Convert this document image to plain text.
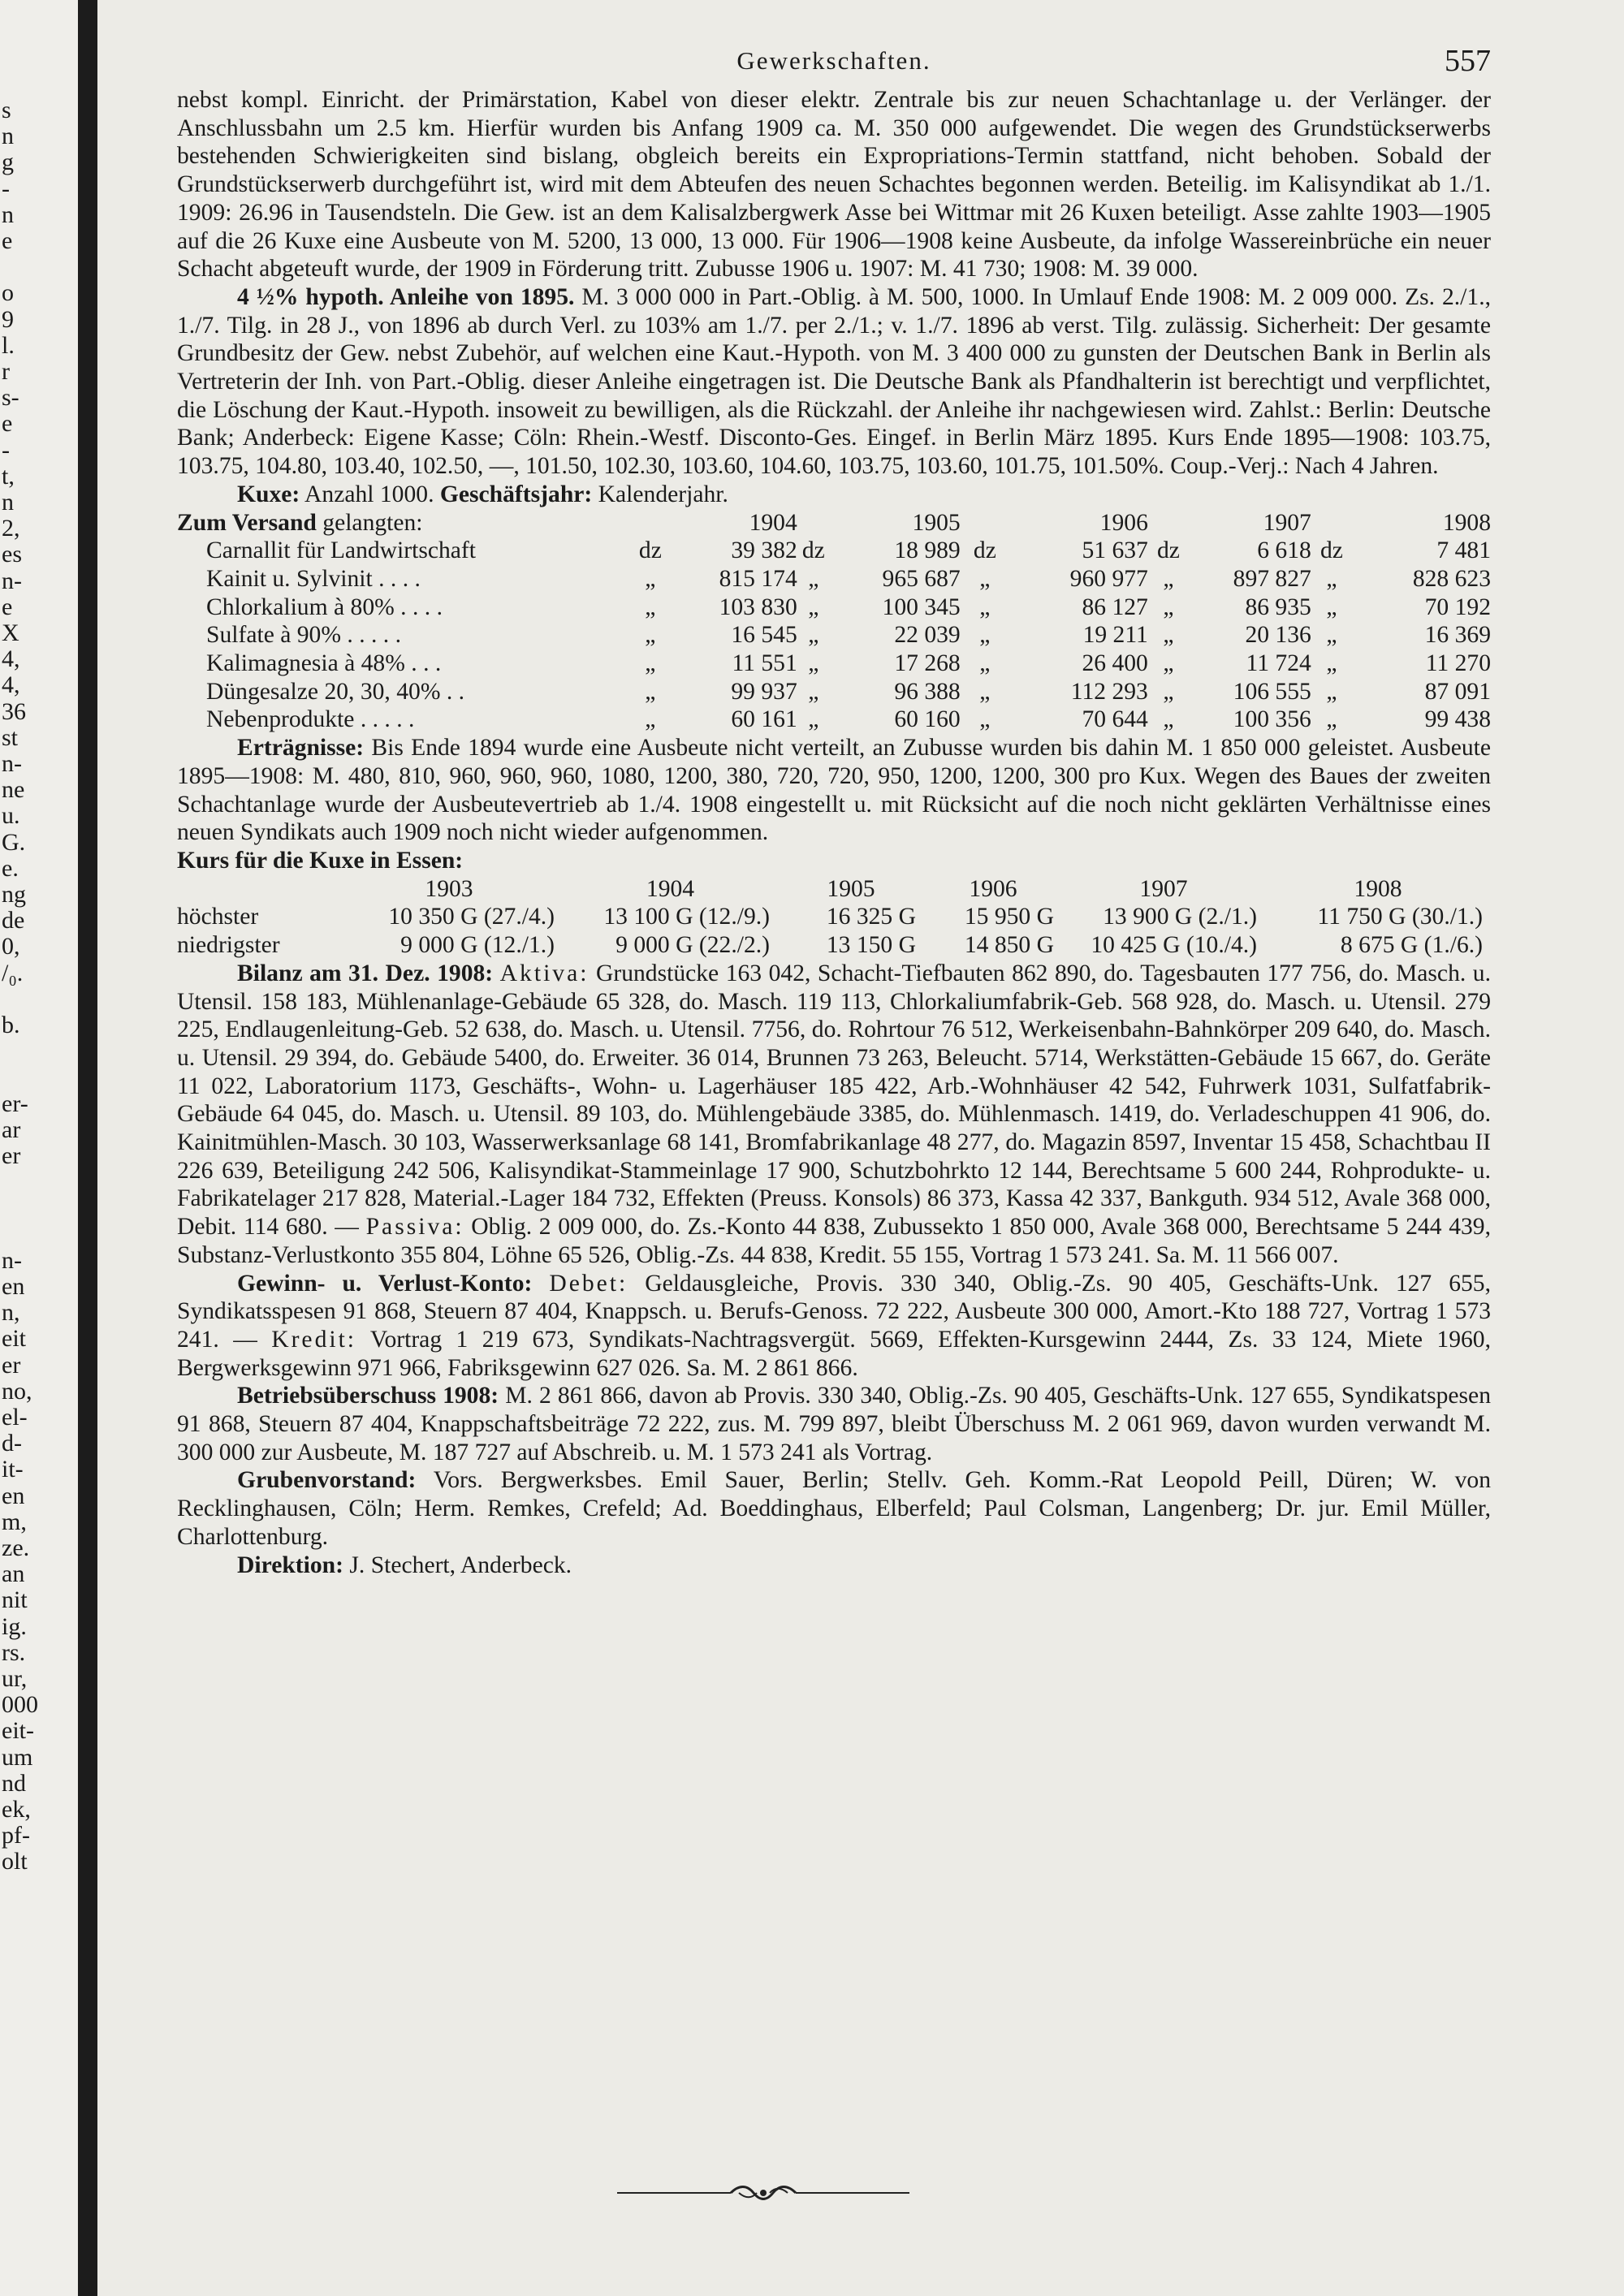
s
n
g
-
n
e
o
9
l.
r
s-
e
-
t,
n
2,
es
n-
e
X
4,
4,
36
st
n-
ne
u.
G.
e.
ng
de
0,
/₀.
b.
er-
ar
er
n-
en
n,
eit
er
no,
el-
d-
it-
en
m,
ze.
an
nit
ig.
rs.
ur,
000
eit-
um
nd
ek,
pf-
olt
Gewerkschaften.	557
nebst kompl. Einricht. der Primärstation, Kabel von dieser elektr. Zentrale bis zur neuen Schachtanlage u. der Verlänger. der Anschlussbahn um 2.5 km. Hierfür wurden bis Anfang 1909 ca. M. 350 000 aufgewendet. Die wegen des Grundstückserwerbs bestehenden Schwierigkeiten sind bislang, obgleich bereits ein Expropriations-Termin stattfand, nicht behoben. Sobald der Grundstückserwerb durchgeführt ist, wird mit dem Abteufen des neuen Schachtes begonnen werden. Beteilig. im Kalisyndikat ab 1./1. 1909: 26.96 in Tausendsteln. Die Gew. ist an dem Kalisalzbergwerk Asse bei Wittmar mit 26 Kuxen beteiligt. Asse zahlte 1903—1905 auf die 26 Kuxe eine Ausbeute von M. 5200, 13 000, 13 000. Für 1906—1908 keine Ausbeute, da infolge Wassereinbrüche ein neuer Schacht abgeteuft wurde, der 1909 in Förderung tritt. Zubusse 1906 u. 1907: M. 41 730; 1908: M. 39 000.
4 ½% hypoth. Anleihe von 1895. M. 3 000 000 in Part.-Oblig. à M. 500, 1000. In Umlauf Ende 1908: M. 2 009 000. Zs. 2./1., 1./7. Tilg. in 28 J., von 1896 ab durch Verl. zu 103% am 1./7. per 2./1.; v. 1./7. 1896 ab verst. Tilg. zulässig. Sicherheit: Der gesamte Grundbesitz der Gew. nebst Zubehör, auf welchen eine Kaut.-Hypoth. von M. 3 400 000 zu gunsten der Deutschen Bank in Berlin als Vertreterin der Inh. von Part.-Oblig. dieser Anleihe eingetragen ist. Die Deutsche Bank als Pfandhalterin ist berechtigt und verpflichtet, die Löschung der Kaut.-Hypoth. insoweit zu bewilligen, als die Rückzahl. der Anleihe ihr nachgewiesen wird. Zahlst.: Berlin: Deutsche Bank; Anderbeck: Eigene Kasse; Cöln: Rhein.-Westf. Disconto-Ges. Eingef. in Berlin März 1895. Kurs Ende 1895—1908: 103.75, 103.75, 104.80, 103.40, 102.50, —, 101.50, 102.30, 103.60, 104.60, 103.75, 103.60, 101.75, 101.50%. Coup.-Verj.: Nach 4 Jahren.
Kuxe: Anzahl 1000. Geschäftsjahr: Kalenderjahr.
Zum Versand gelangten:		1904		1905		1906		1907		1908
Carnallit für Landwirtschaft	dz	39 382	dz	18 989	dz	51 637	dz	6 618	dz	7 481
Kainit u. Sylvinit . . . .	„	815 174	„	965 687	„	960 977	„	897 827	„	828 623
Chlorkalium à 80% . . . .	„	103 830	„	100 345	„	86 127	„	86 935	„	70 192
Sulfate à 90% . . . . .	„	16 545	„	22 039	„	19 211	„	20 136	„	16 369
Kalimagnesia à 48% . . .	„	11 551	„	17 268	„	26 400	„	11 724	„	11 270
Düngesalze 20, 30, 40% . .	„	99 937	„	96 388	„	112 293	„	106 555	„	87 091
Nebenprodukte . . . . .	„	60 161	„	60 160	„	70 644	„	100 356	„	99 438
Erträgnisse: Bis Ende 1894 wurde eine Ausbeute nicht verteilt, an Zubusse wurden bis dahin M. 1 850 000 geleistet. Ausbeute 1895—1908: M. 480, 810, 960, 960, 960, 1080, 1200, 380, 720, 720, 950, 1200, 1200, 300 pro Kux. Wegen des Baues der zweiten Schachtanlage wurde der Ausbeutevertrieb ab 1./4. 1908 eingestellt u. mit Rücksicht auf die noch nicht geklärten Verhältnisse eines neuen Syndikats auch 1909 noch nicht wieder aufgenommen.
Kurs für die Kuxe in Essen:
	1903	1904	1905	1906	1907	1908
höchster	10 350 G (27./4.)	13 100 G (12./9.)	16 325 G	15 950 G	13 900 G (2./1.)	11 750 G (30./1.)
niedrigster	9 000 G (12./1.)	9 000 G (22./2.)	13 150 G	14 850 G	10 425 G (10./4.)	8 675 G (1./6.)
Bilanz am 31. Dez. 1908: Aktiva: Grundstücke 163 042, Schacht-Tiefbauten 862 890, do. Tagesbauten 177 756, do. Masch. u. Utensil. 158 183, Mühlenanlage-Gebäude 65 328, do. Masch. 119 113, Chlorkaliumfabrik-Geb. 568 928, do. Masch. u. Utensil. 279 225, Endlaugenleitung-Geb. 52 638, do. Masch. u. Utensil. 7756, do. Rohrtour 76 512, Werkeisenbahn-Bahnkörper 209 640, do. Masch. u. Utensil. 29 394, do. Gebäude 5400, do. Erweiter. 36 014, Brunnen 73 263, Beleucht. 5714, Werkstätten-Gebäude 15 667, do. Geräte 11 022, Laboratorium 1173, Geschäfts-, Wohn- u. Lagerhäuser 185 422, Arb.-Wohnhäuser 42 542, Fuhrwerk 1031, Sulfatfabrik-Gebäude 64 045, do. Masch. u. Utensil. 89 103, do. Mühlengebäude 3385, do. Mühlenmasch. 1419, do. Verladeschuppen 41 906, do. Kainitmühlen-Masch. 30 103, Wasserwerksanlage 68 141, Bromfabrikanlage 48 277, do. Magazin 8597, Inventar 15 458, Schachtbau II 226 639, Beteiligung 242 506, Kalisyndikat-Stammeinlage 17 900, Schutzbohrkto 12 144, Berechtsame 5 600 244, Rohprodukte- u. Fabrikatelager 217 828, Material.-Lager 184 732, Effekten (Preuss. Konsols) 86 373, Kassa 42 337, Bankguth. 934 512, Avale 368 000, Debit. 114 680. — Passiva: Oblig. 2 009 000, do. Zs.-Konto 44 838, Zubussekto 1 850 000, Avale 368 000, Berechtsame 5 244 439, Substanz-Verlustkonto 355 804, Löhne 65 526, Oblig.-Zs. 44 838, Kredit. 55 155, Vortrag 1 573 241. Sa. M. 11 566 007.
Gewinn- u. Verlust-Konto: Debet: Geldausgleiche, Provis. 330 340, Oblig.-Zs. 90 405, Geschäfts-Unk. 127 655, Syndikatsspesen 91 868, Steuern 87 404, Knappsch. u. Berufs-Genoss. 72 222, Ausbeute 300 000, Amort.-Kto 188 727, Vortrag 1 573 241. — Kredit: Vortrag 1 219 673, Syndikats-Nachtragsvergüt. 5669, Effekten-Kursgewinn 2444, Zs. 33 124, Miete 1960, Bergwerksgewinn 971 966, Fabriksgewinn 627 026. Sa. M. 2 861 866.
Betriebsüberschuss 1908: M. 2 861 866, davon ab Provis. 330 340, Oblig.-Zs. 90 405, Geschäfts-Unk. 127 655, Syndikatspesen 91 868, Steuern 87 404, Knappschaftsbeiträge 72 222, zus. M. 799 897, bleibt Überschuss M. 2 061 969, davon wurden verwandt M. 300 000 zur Ausbeute, M. 187 727 auf Abschreib. u. M. 1 573 241 als Vortrag.
Grubenvorstand: Vors. Bergwerksbes. Emil Sauer, Berlin; Stellv. Geh. Komm.-Rat Leopold Peill, Düren; W. von Recklinghausen, Cöln; Herm. Remkes, Crefeld; Ad. Boeddinghaus, Elberfeld; Paul Colsman, Langenberg; Dr. jur. Emil Müller, Charlottenburg.
Direktion: J. Stechert, Anderbeck.
